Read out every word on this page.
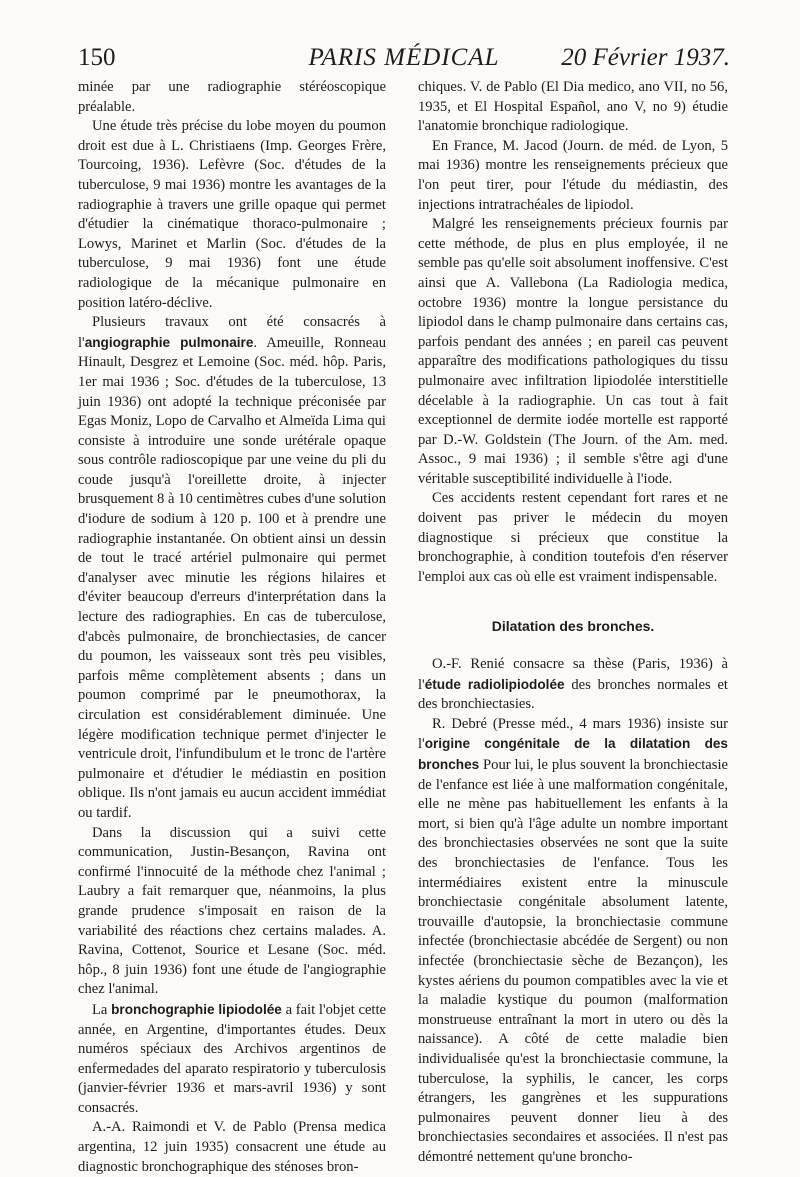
150	PARIS MÉDICAL	20 Février 1937.

minée par une radiographie stéréoscopique préalable.

Une étude très précise du lobe moyen du poumon droit est due à L. Christiaens (Imp. Georges Frère, Tourcoing, 1936). Lefèvre (Soc. d'études de la tuberculose, 9 mai 1936) montre les avantages de la radiographie à travers une grille opaque qui permet d'étudier la cinématique thoraco-pulmonaire ; Lowys, Marinet et Marlin (Soc. d'études de la tuberculose, 9 mai 1936) font une étude radiologique de la mécanique pulmonaire en position latéro-déclive.

Plusieurs travaux ont été consacrés à l'angiographie pulmonaire. Ameuille, Ronneau Hinault, Desgrez et Lemoine (Soc. méd. hôp. Paris, 1er mai 1936 ; Soc. d'études de la tuberculose, 13 juin 1936) ont adopté la technique préconisée par Egas Moniz, Lopo de Carvalho et Almeïda Lima qui consiste à introduire une sonde urétérale opaque sous contrôle radioscopique par une veine du pli du coude jusqu'à l'oreillette droite, à injecter brusquement 8 à 10 centimètres cubes d'une solution d'iodure de sodium à 120 p. 100 et à prendre une radiographie instantanée. On obtient ainsi un dessin de tout le tracé artériel pulmonaire qui permet d'analyser avec minutie les régions hilaires et d'éviter beaucoup d'erreurs d'interprétation dans la lecture des radiographies. En cas de tuberculose, d'abcès pulmonaire, de bronchiectasies, de cancer du poumon, les vaisseaux sont très peu visibles, parfois même complètement absents ; dans un poumon comprimé par le pneumothorax, la circulation est considérablement diminuée. Une légère modification technique permet d'injecter le ventricule droit, l'infundibulum et le tronc de l'artère pulmonaire et d'étudier le médiastin en position oblique. Ils n'ont jamais eu aucun accident immédiat ou tardif.

Dans la discussion qui a suivi cette communication, Justin-Besançon, Ravina ont confirmé l'innocuité de la méthode chez l'animal ; Laubry a fait remarquer que, néanmoins, la plus grande prudence s'imposait en raison de la variabilité des réactions chez certains malades. A. Ravina, Cottenot, Sourice et Lesane (Soc. méd. hôp., 8 juin 1936) font une étude de l'angiographie chez l'animal.

La bronchographie lipiodolée a fait l'objet cette année, en Argentine, d'importantes études. Deux numéros spéciaux des Archivos argentinos de enfermedades del aparato respiratorio y tuberculosis (janvier-février 1936 et mars-avril 1936) y sont consacrés.

A.-A. Raimondi et V. de Pablo (Prensa medica argentina, 12 juin 1935) consacrent une étude au diagnostic bronchographique des sténoses bron-

chiques. V. de Pablo (El Dia medico, ano VII, no 56, 1935, et El Hospital Español, ano V, no 9) étudie l'anatomie bronchique radiologique.

En France, M. Jacod (Journ. de méd. de Lyon, 5 mai 1936) montre les renseignements précieux que l'on peut tirer, pour l'étude du médiastin, des injections intratrachéales de lipiodol.

Malgré les renseignements précieux fournis par cette méthode, de plus en plus employée, il ne semble pas qu'elle soit absolument inoffensive. C'est ainsi que A. Vallebona (La Radiologia medica, octobre 1936) montre la longue persistance du lipiodol dans le champ pulmonaire dans certains cas, parfois pendant des années ; en pareil cas peuvent apparaître des modifications pathologiques du tissu pulmonaire avec infiltration lipiodolée interstitielle décelable à la radiographie. Un cas tout à fait exceptionnel de dermite iodée mortelle est rapporté par D.-W. Goldstein (The Journ. of the Am. med. Assoc., 9 mai 1936) ; il semble s'être agi d'une véritable susceptibilité individuelle à l'iode.

Ces accidents restent cependant fort rares et ne doivent pas priver le médecin du moyen diagnostique si précieux que constitue la bronchographie, à condition toutefois d'en réserver l'emploi aux cas où elle est vraiment indispensable.

Dilatation des bronches.

O.-F. Renié consacre sa thèse (Paris, 1936) à l'étude radiolipiodolée des bronches normales et des bronchiectasies.

R. Debré (Presse méd., 4 mars 1936) insiste sur l'origine congénitale de la dilatation des bronches Pour lui, le plus souvent la bronchiectasie de l'enfance est liée à une malformation congénitale, elle ne mène pas habituellement les enfants à la mort, si bien qu'à l'âge adulte un nombre important des bronchiectasies observées ne sont que la suite des bronchiectasies de l'enfance. Tous les intermédiaires existent entre la minuscule bronchiectasie congénitale absolument latente, trouvaille d'autopsie, la bronchiectasie commune infectée (bronchiectasie abcédée de Sergent) ou non infectée (bronchiectasie sèche de Bezançon), les kystes aériens du poumon compatibles avec la vie et la maladie kystique du poumon (malformation monstrueuse entraînant la mort in utero ou dès la naissance). A côté de cette maladie bien individualisée qu'est la bronchiectasie commune, la tuberculose, la syphilis, le cancer, les corps étrangers, les gangrènes et les suppurations pulmonaires peuvent donner lieu à des bronchiectasies secondaires et associées. Il n'est pas démontré nettement qu'une broncho-
